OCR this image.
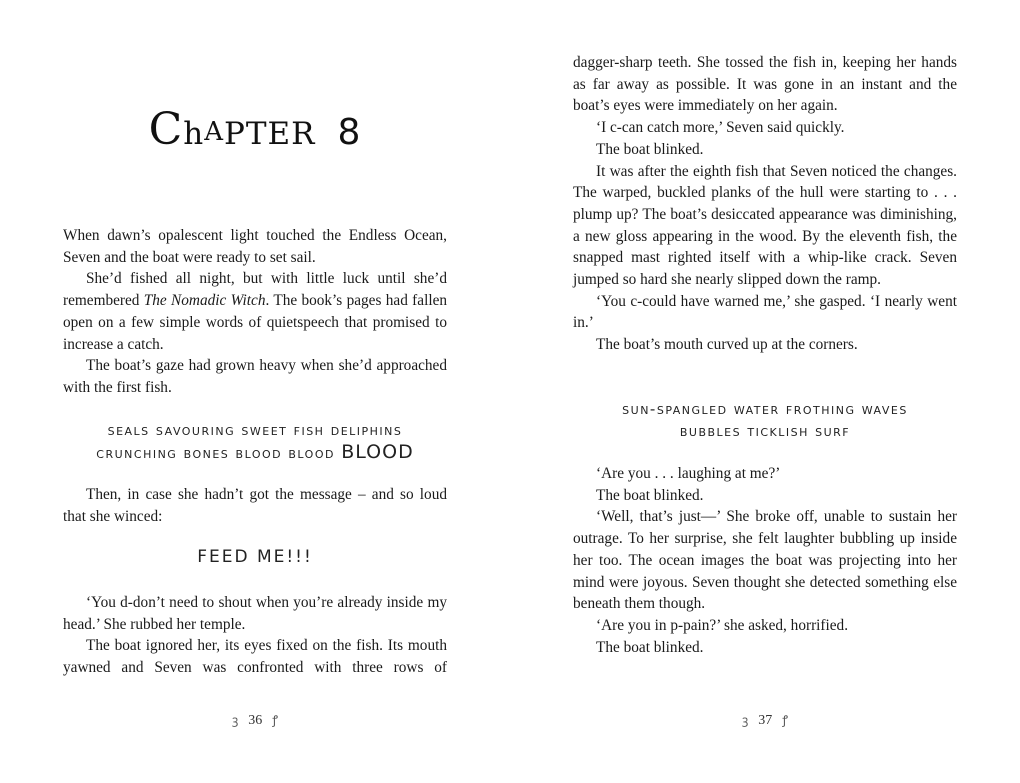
ChAPTER 8

When dawn’s opalescent light touched the Endless Ocean, Seven and the boat were ready to set sail.

She’d fished all night, but with little luck until she’d remembered The Nomadic Witch. The book’s pages had fallen open on a few simple words of quietspeech that promised to increase a catch.

The boat’s gaze had grown heavy when she’d approached with the first fish.

seals savouring sweet fish deliphins
crunching bones blood blood BLOOD

Then, in case she hadn’t got the message – and so loud that she winced:

FEED ME!!!

‘You d-don’t need to shout when you’re already inside my head.’ She rubbed her temple.

The boat ignored her, its eyes fixed on the fish. Its mouth yawned and Seven was confronted with three rows of

ꝫ 36 ꝭ

dagger-sharp teeth. She tossed the fish in, keeping her hands as far away as possible. It was gone in an instant and the boat’s eyes were immediately on her again.

‘I c-can catch more,’ Seven said quickly.

The boat blinked.

It was after the eighth fish that Seven noticed the changes. The warped, buckled planks of the hull were starting to . . . plump up? The boat’s desiccated appearance was diminishing, a new gloss appearing in the wood. By the eleventh fish, the snapped mast righted itself with a whip-like crack. Seven jumped so hard she nearly slipped down the ramp.

‘You c-could have warned me,’ she gasped. ‘I nearly went in.’

The boat’s mouth curved up at the corners.

sun-spangled water frothing waves
bubbles ticklish surf

‘Are you . . . laughing at me?’

The boat blinked.

‘Well, that’s just—’ She broke off, unable to sustain her outrage. To her surprise, she felt laughter bubbling up inside her too. The ocean images the boat was projecting into her mind were joyous. Seven thought she detected something else beneath them though.

‘Are you in p-pain?’ she asked, horrified.

The boat blinked.

ꝫ 37 ꝭ
